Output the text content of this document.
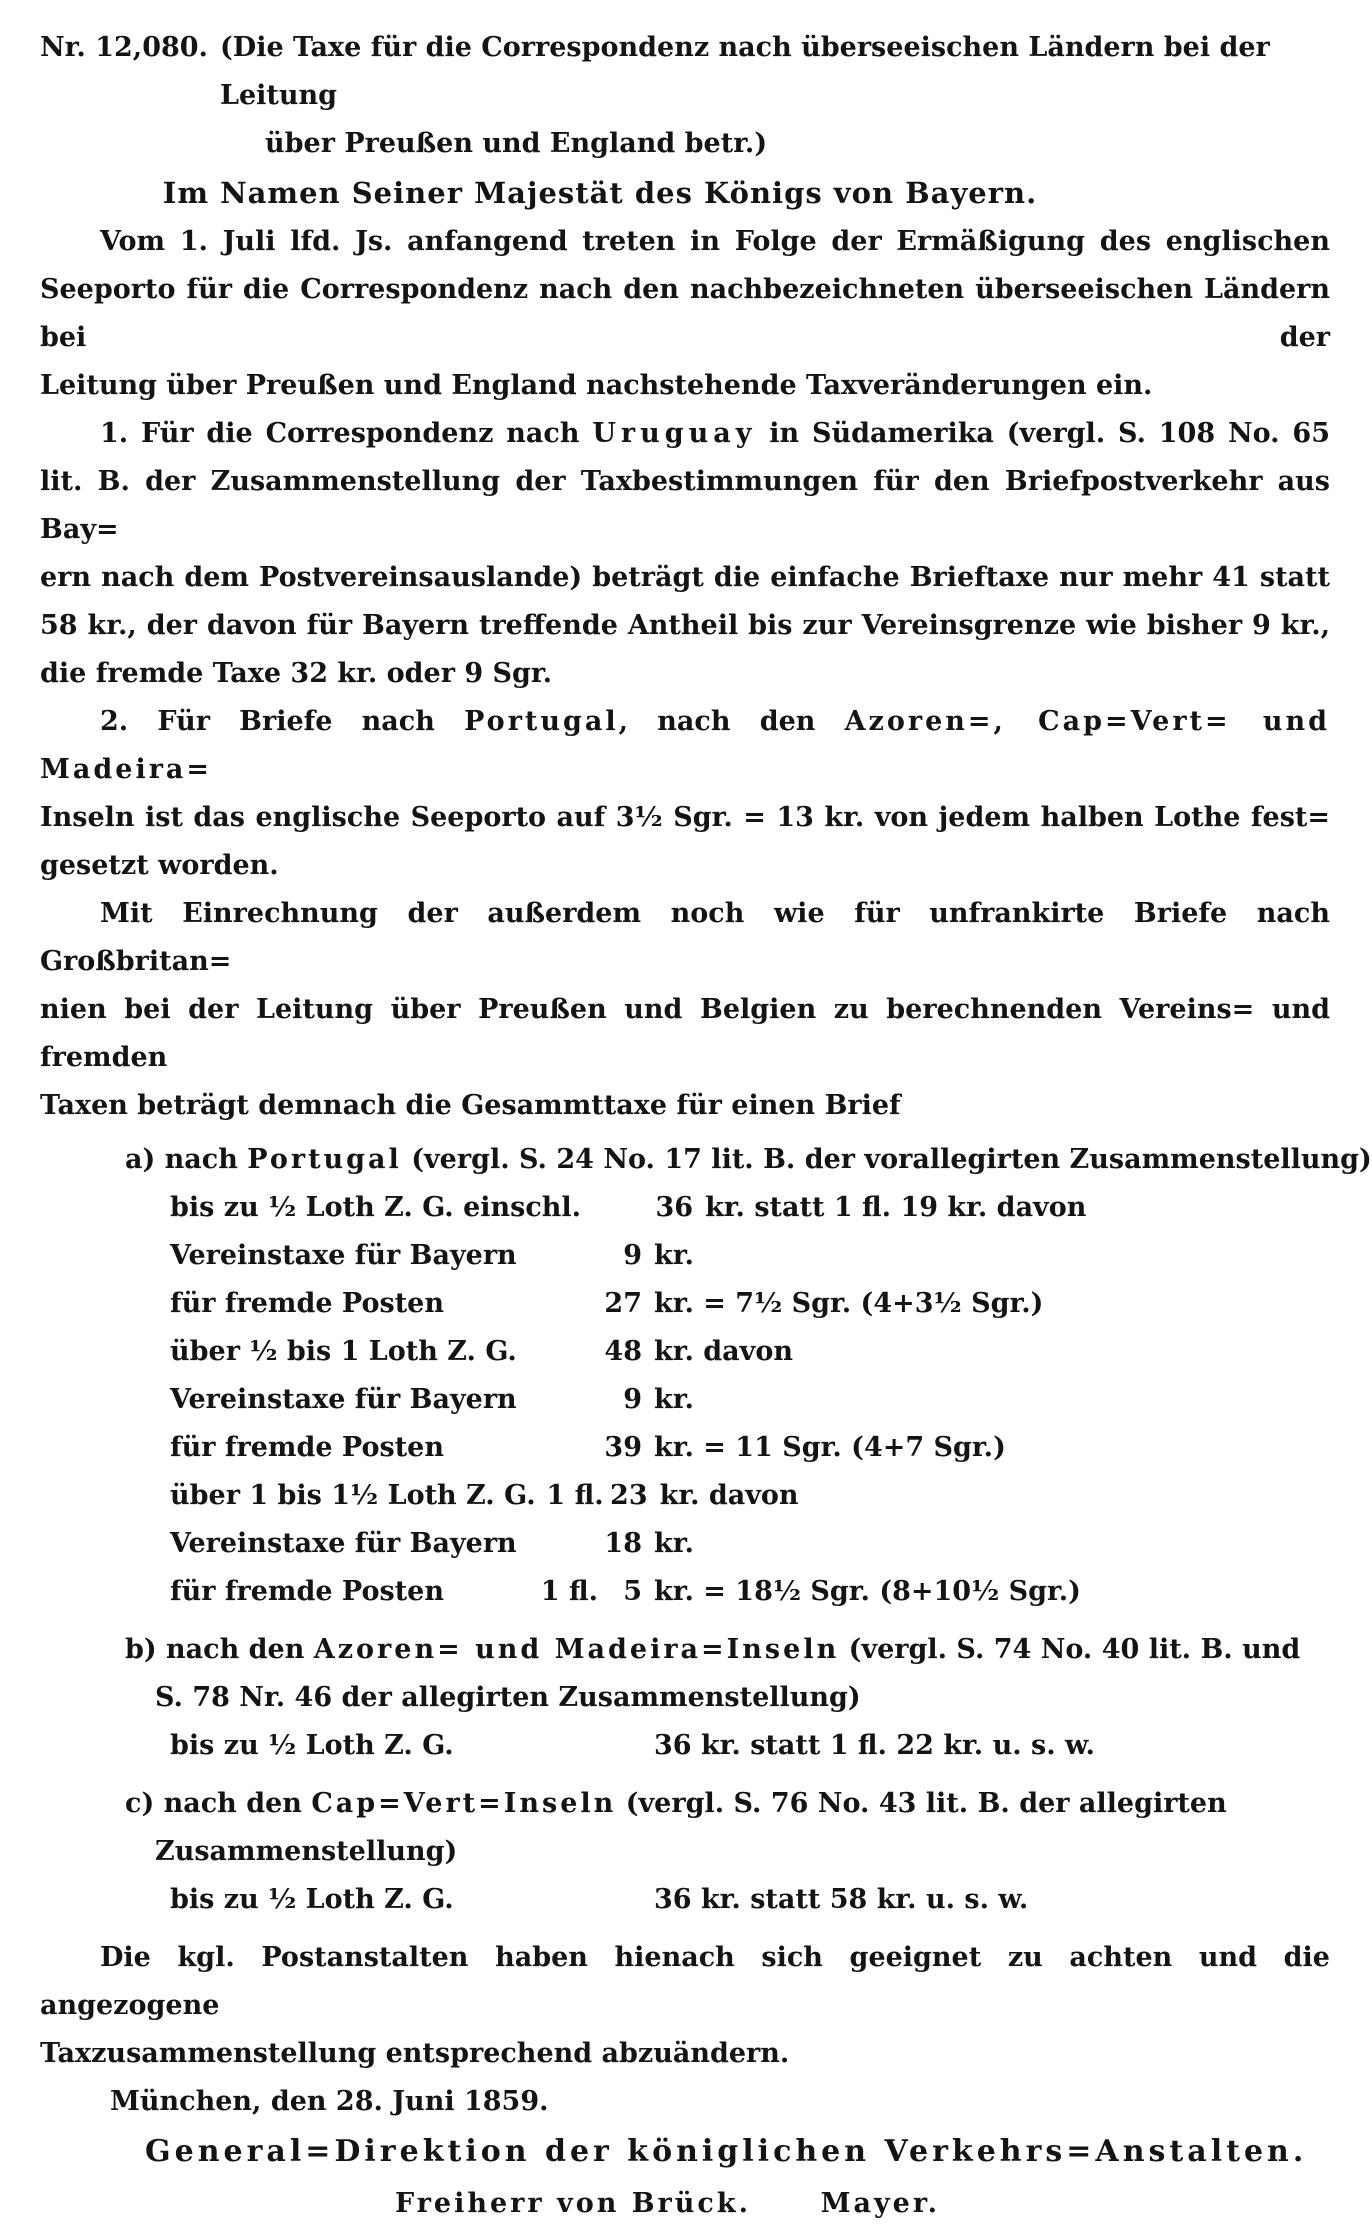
Nr. 12,080. (Die Taxe für die Correspondenz nach überseeischen Ländern bei der Leitung
über Preußen und England betr.)
Im Namen Seiner Majestät des Königs von Bayern.
Vom 1. Juli lfd. Js. anfangend treten in Folge der Ermäßigung des englischen
Seeporto für die Correspondenz nach den nachbezeichneten überseeischen Ländern bei der
Leitung über Preußen und England nachstehende Taxveränderungen ein.
1. Für die Correspondenz nach Uruguay in Südamerika (vergl. S. 108 No. 65
lit. B. der Zusammenstellung der Taxbestimmungen für den Briefpostverkehr aus Bay=
ern nach dem Postvereinsauslande) beträgt die einfache Brieftaxe nur mehr 41 statt
58 kr., der davon für Bayern treffende Antheil bis zur Vereinsgrenze wie bisher 9 kr.,
die fremde Taxe 32 kr. oder 9 Sgr.
2. Für Briefe nach Portugal, nach den Azoren=, Cap=Vert= und Madeira=
Inseln ist das englische Seeporto auf 3½ Sgr. = 13 kr. von jedem halben Lothe fest=
gesetzt worden.
Mit Einrechnung der außerdem noch wie für unfrankirte Briefe nach Großbritan=
nien bei der Leitung über Preußen und Belgien zu berechnenden Vereins= und fremden
Taxen beträgt demnach die Gesammttaxe für einen Brief
a) nach Portugal (vergl. S. 24 No. 17 lit. B. der vorallegirten Zusammenstellung)
bis zu ½ Loth Z. G. einschl.	36 kr. statt 1 fl. 19 kr. davon
Vereinstaxe für Bayern	9 kr.
für fremde Posten	27 kr. = 7½ Sgr. (4+3½ Sgr.)
über ½ bis 1 Loth Z. G.	48 kr. davon
Vereinstaxe für Bayern	9 kr.
für fremde Posten	39 kr. = 11 Sgr. (4+7 Sgr.)
über 1 bis 1½ Loth Z. G. 1 fl. 23 kr. davon
Vereinstaxe für Bayern	18 kr.
für fremde Posten	1 fl. 5 kr. = 18½ Sgr. (8+10½ Sgr.)
b) nach den Azoren= und Madeira=Inseln (vergl. S. 74 No. 40 lit. B. und
S. 78 Nr. 46 der allegirten Zusammenstellung)
bis zu ½ Loth Z. G.	36 kr. statt 1 fl. 22 kr. u. s. w.
c) nach den Cap=Vert=Inseln (vergl. S. 76 No. 43 lit. B. der allegirten
Zusammenstellung)
bis zu ½ Loth Z. G.	36 kr. statt 58 kr. u. s. w.
Die kgl. Postanstalten haben hienach sich geeignet zu achten und die angezogene
Taxzusammenstellung entsprechend abzuändern.
München, den 28. Juni 1859.
General=Direktion der königlichen Verkehrs=Anstalten.
Freiherr von Brück.	Mayer.
